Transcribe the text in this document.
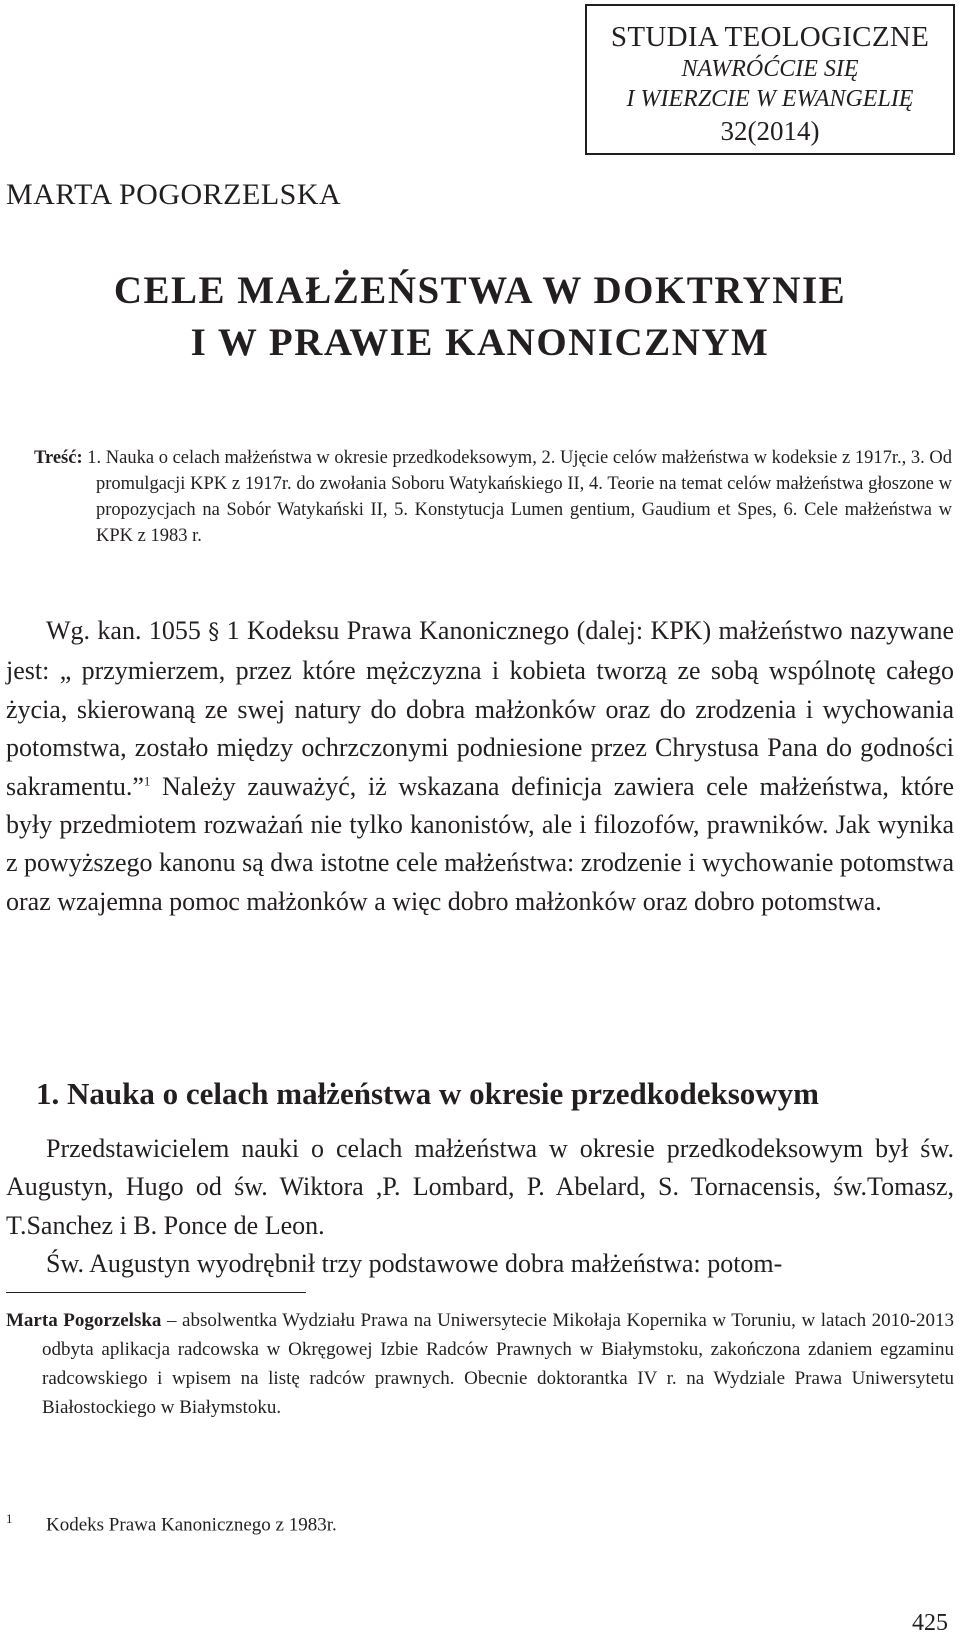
STUDIA TEOLOGICZNE
NAWRÓĆCIE SIĘ
I WIERZCIE W EWANGELIĘ
32(2014)
MARTA POGORZELSKA
CELE MAŁŻEŃSTWA W DOKTRYNIE
I W PRAWIE KANONICZNYM
Treść: 1. Nauka o celach małżeństwa w okresie przedkodeksowym, 2. Ujęcie celów małżeństwa w kodeksie z 1917r., 3. Od promulgacji KPK z 1917r. do zwołania Soboru Watykańskiego II, 4. Teorie na temat celów małżeństwa głoszone w propozycjach na Sobór Watykański II, 5. Konstytucja Lumen gentium, Gaudium et Spes, 6. Cele małżeństwa w KPK z 1983 r.

Wg. kan. 1055 § 1 Kodeksu Prawa Kanonicznego (dalej: KPK) małżeństwo nazywane jest: „ przymierzem, przez które mężczyzna i kobieta tworzą ze sobą wspólnotę całego życia, skierowaną ze swej natury do dobra małżonków oraz do zrodzenia i wychowania potomstwa, zostało między ochrzczonymi podniesione przez Chrystusa Pana do godności sakramentu.”$^1$ Należy zauważyć, iż wskazana definicja zawiera cele małżeństwa, które były przedmiotem rozważań nie tylko kanonistów, ale i filozofów, prawników. Jak wynika z powyższego kanonu są dwa istotne cele małżeństwa: zrodzenie i wychowanie potomstwa oraz wzajemna pomoc małżonków a więc dobro małżonków oraz dobro potomstwa.

1. Nauka o celach małżeństwa w okresie przedkodeksowym

Przedstawicielem nauki o celach małżeństwa w okresie przedkodeksowym był św. Augustyn, Hugo od św. Wiktora ,P. Lombard, P. Abelard, S. Tornacensis, św.Tomasz, T.Sanchez i B. Ponce de Leon.

Św. Augustyn wyodrębnił trzy podstawowe dobra małżeństwa: potom-

Marta Pogorzelska – absolwentka Wydziału Prawa na Uniwersytecie Mikołaja Kopernika w Toruniu, w latach 2010-2013 odbyta aplikacja radcowska w Okręgowej Izbie Radców Prawnych w Białymstoku, zakończona zdaniem egzaminu radcowskiego i wpisem na listę radców prawnych. Obecnie doktorantka IV r. na Wydziale Prawa Uniwersytetu Białostockiego w Białymstoku.
1 Kodeks Prawa Kanonicznego z 1983r.
425
